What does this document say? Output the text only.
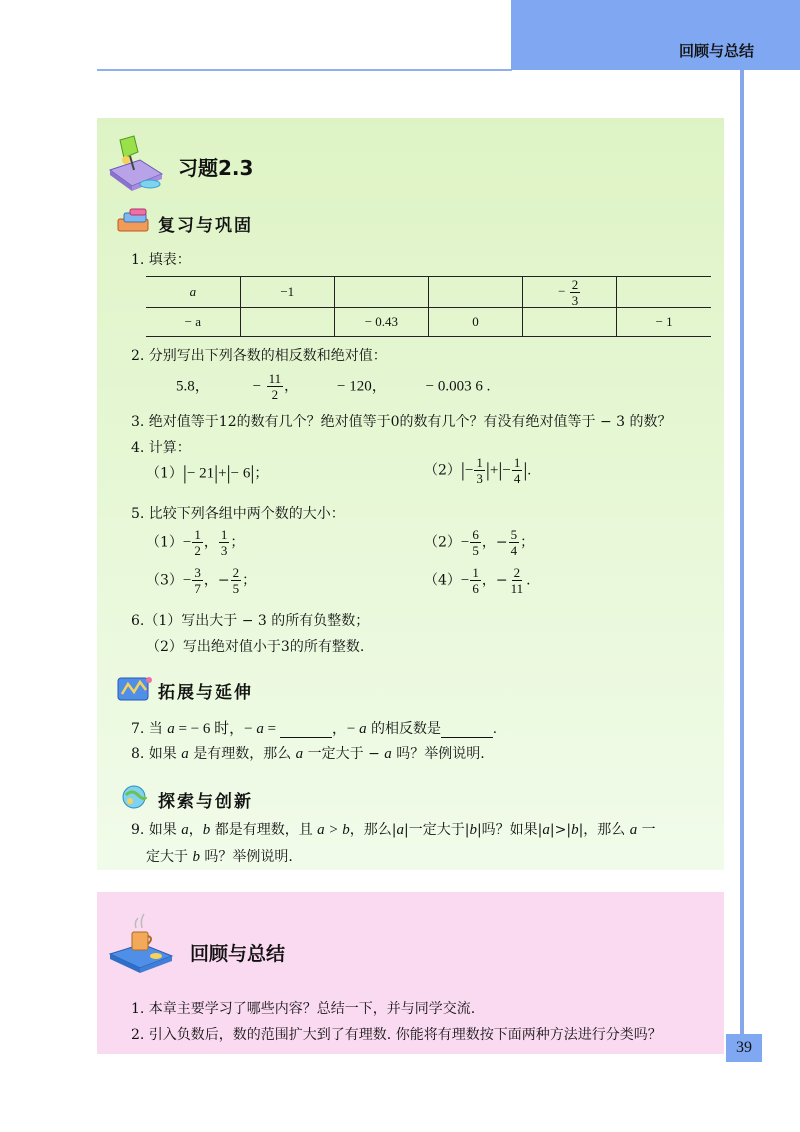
回顾与总结
习题2.3
复习与巩固
1. 填表：
a	−1			− $\frac{2}{3}$

− a		− 0.43	0		− 1
2. 分别写出下列各数的相反数和绝对值：
5.8，	− $\frac{11}{2}$ ，	− 120，	− 0.003 6 .
3. 绝对值等于12的数有几个？绝对值等于0的数有几个？有没有绝对值等于 − 3 的数？
4. 计算：
（1）|− 21|+|− 6|；	$(2)|- \frac{1}{3}$ |+|− $\frac{1}{4}$ |.
5. 比较下列各组中两个数的大小：
$(1)- \frac{1}{2}$ ， $\frac{1}{3}$ ；	$(2)- \frac{6}{5}$ ，− $\frac{5}{4}$ ；
$(3)- \frac{3}{7}$ ，− $\frac{2}{5}$ ；	$(4)- \frac{1}{6}$ ，− $\frac{2}{11}$ .
6.（1）写出大于 − 3 的所有负整数；
（2）写出绝对值小于3的所有整数.
拓展与延伸
7. 当 a = − 6 时，− a =	，− a 的相反数是	.
8. 如果 a 是有理数，那么 a 一定大于 − a 吗？举例说明.
探索与创新
9. 如果 a，b 都是有理数，且 a > b，那么|a|一定大于|b|吗？如果|a|>|b|，那么 a 一
定大于 b 吗？举例说明.
回顾与总结
1. 本章主要学习了哪些内容？总结一下，并与同学交流.
2. 引入负数后，数的范围扩大到了有理数. 你能将有理数按下面两种方法进行分类吗？
39
